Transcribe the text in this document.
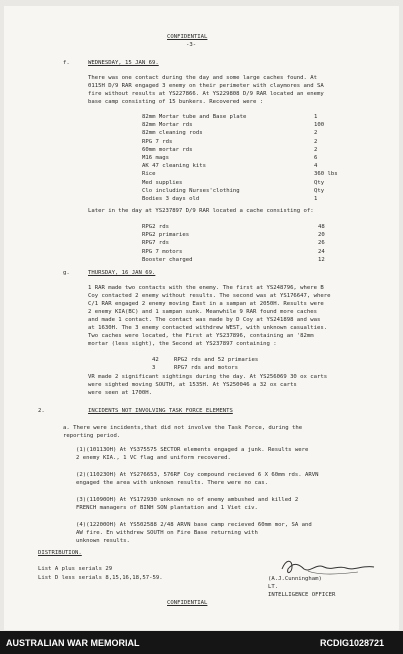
CONFIDENTIAL
-3-
f.	WEDNESDAY, 15 JAN 69.
Later in the day at YS237897 D/9 RAR located a cache consisting of:
g.	THURSDAY, 16 JAN 69.
2.	INCIDENTS NOT INVOLVING TASK FORCE ELEMENTS
a. There were incidents,that did not involve the Task Force, during the
reporting period.
DISTRIBUTION.
List A plus serials 29
List D less serials 8,15,16,18,57-59.	(A.J.Cunningham)
LT.
INTELLIGENCE OFFICER
CONFIDENTIAL
AUSTRALIAN WAR MEMORIAL	RCDIG1028721
There was one contact during the day and some large caches found. At
0115H D/9 RAR engaged 3 enemy on their perimeter with claymores and SA
fire without results at YS227866. At YS229808 D/9 RAR located an enemy
base camp consisting of 15 bunkers. Recovered were :
82mm Mortar tube and Base plate	1
82mm Mortar rds	100
82mm cleaning rods	2
RPG 7 rds	2
60mm mortar rds	2
M16 mags	6
AK 47 cleaning kits	4
Rice	360 lbs
Med supplies	Qty
Clo including Nurses'clothing	Qty
Bodies 3 days old	1
RPG2 rds	48
RPG2 primaries	20
RPG7 rds	26
RPG 7 motors	24
Booster charged	12
1 RAR made two contacts with the enemy. The first at YS248796, where B
Coy contacted 2 enemy without results. The second was at YS176647, where
C/1 RAR engaged 2 enemy moving East in a sampan at 2050H. Results were
2 enemy KIA(BC) and 1 sampan sunk. Meanwhile 9 RAR found more caches
and made 1 contact. The contact was made by D Coy at YS241898 and was
at 1630H. The 3 enemy contacted withdrew WEST, with unknown casualties.
Two caches were located, the First at YS237896, containing an '82mm
mortar (less sight), the Second at YS237897 containing :
42	RPG2 rds and 52 primaries
3	RPG7 rds and motors
VR made 2 significant sightings during the day. At YS256069 30 ox carts
were sighted moving SOUTH, at 1535H. At YS250046 a 32 ox carts
were seen at 1700H.
(1)(10113OH) At YS375575 SECTOR elements engaged a junk. Results were
2 enemy KIA., 1 VC flag and uniform recovered.
(2)(11023OH) At YS276653, 576RF Coy compound recieved 6 X 60mm rds. ARVN
engaged the area with unknown results. There were no cas.
(3)(11090OH) At YS172930 unknown no of enemy ambushed and killed 2
FRENCH managers of BINH SON plantation and 1 Viet civ.
(4)(12200OH) At YS502588 2/48 ARVN base camp recieved 60mm mor, SA and
AW fire. En withdrew SOUTH on Fire Base returning with
unknown results.
